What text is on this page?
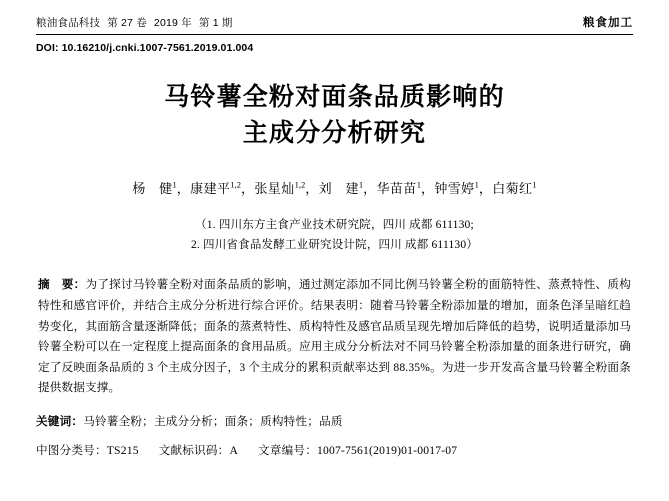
粮油食品科技 第 27 卷 2019 年 第 1 期	粮食加工
DOI: 10.16210/j.cnki.1007-7561.2019.01.004
马铃薯全粉对面条品质影响的
主成分分析研究
杨　健$^1$，康建平$^{1,2}$，张星灿$^{1,2}$，刘　建$^1$，华苗苗$^1$，钟雪婷$^1$，白菊红$^1$
（1. 四川东方主食产业技术研究院，四川 成都 611130;
2. 四川省食品发酵工业研究设计院，四川 成都 611130）
摘　要：为了探讨马铃薯全粉对面条品质的影响，通过测定添加不同比例马铃薯全粉的面筋特性、蒸煮特性、质构特性和感官评价，并结合主成分分析进行综合评价。结果表明：随着马铃薯全粉添加量的增加，面条色泽呈暗红趋势变化，其面筋含量逐渐降低；面条的蒸煮特性、质构特性及感官品质呈现先增加后降低的趋势，说明适量添加马铃薯全粉可以在一定程度上提高面条的食用品质。应用主成分分析法对不同马铃薯全粉添加量的面条进行研究，确定了反映面条品质的 3 个主成分因子，3 个主成分的累积贡献率达到 88.35%。为进一步开发高含量马铃薯全粉面条提供数据支撑。
关键词：马铃薯全粉；主成分分析；面条；质构特性；品质
中图分类号：TS215 文献标识码：A 文章编号：1007-7561(2019)01-0017-07
